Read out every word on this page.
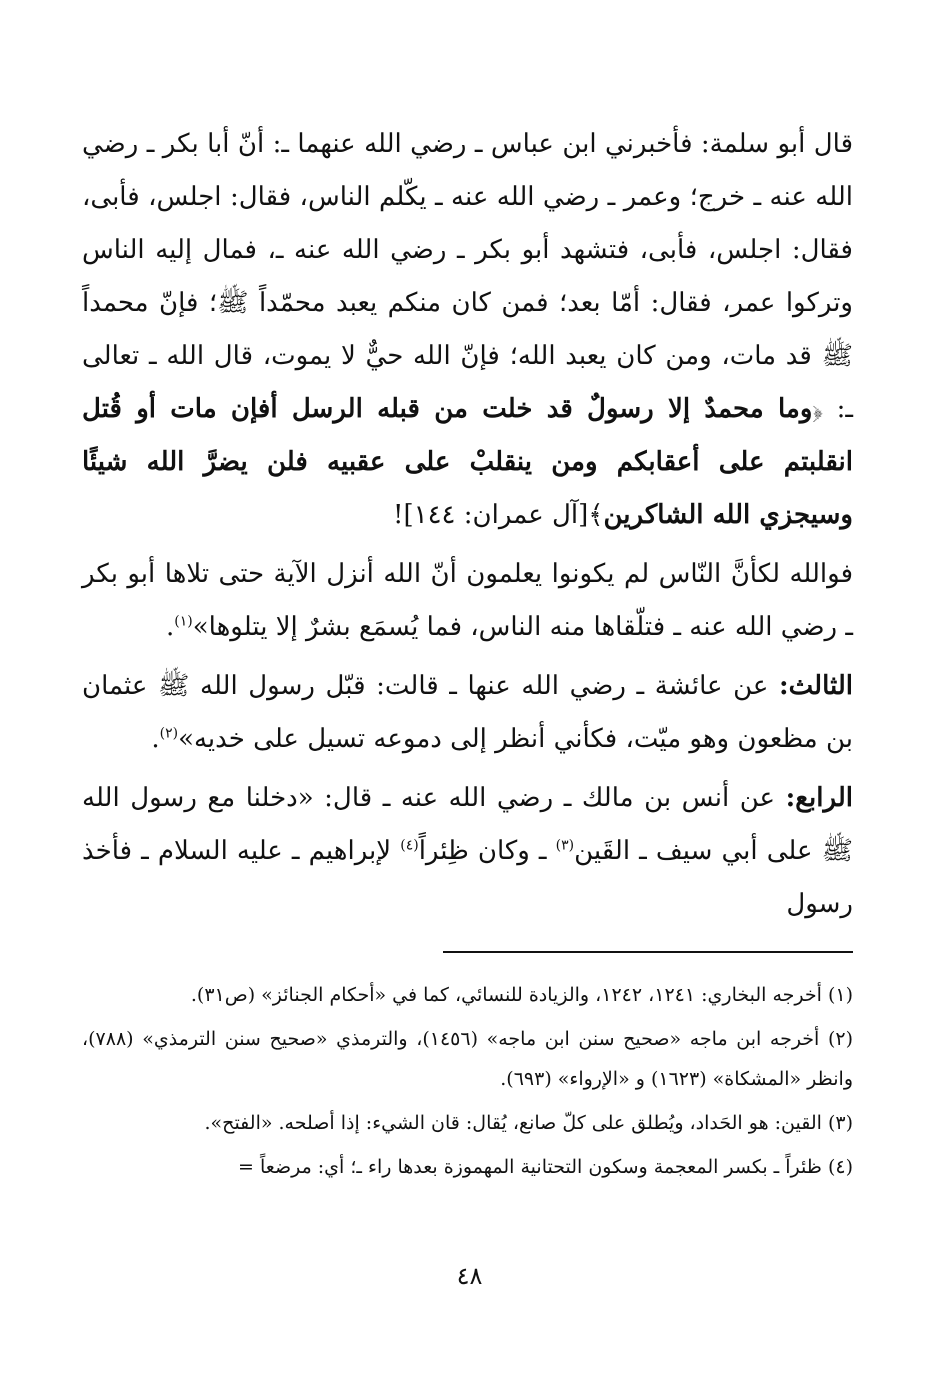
قال أبو سلمة: فأخبرني ابن عباس ـ رضي الله عنهما ـ: أنّ أبا بكر ـ رضي الله عنه ـ خرج؛ وعمر ـ رضي الله عنه ـ يكّلم الناس، فقال: اجلس، فأبى، فقال: اجلس، فأبى، فتشهد أبو بكر ـ رضي الله عنه ـ، فمال إليه الناس وتركوا عمر، فقال: أمّا بعد؛ فمن كان منكم يعبد محمّداً ﷺ؛ فإنّ محمداً ﷺ قد مات، ومن كان يعبد الله؛ فإنّ الله حيٌّ لا يموت، قال الله ـ تعالى ـ: ﴿وما محمدٌ إلا رسولٌ قد خلت من قبله الرسل أفإن مات أو قُتل انقلبتم على أعقابكم ومن ينقلبْ على عقبيه فلن يضرَّ الله شيئًا وسيجزي الله الشاكرين﴾[آل عمران: ١٤٤]!

فوالله لكأنَّ النّاس لم يكونوا يعلمون أنّ الله أنزل الآية حتى تلاها أبو بكر ـ رضي الله عنه ـ فتلّقاها منه الناس، فما يُسمَع بشرٌ إلا يتلوها»$^{(١)}$.

الثالث: عن عائشة ـ رضي الله عنها ـ قالت: قبّل رسول الله ﷺ عثمان بن مظعون وهو ميّت، فكأني أنظر إلى دموعه تسيل على خديه»$^{(٢)}$.

الرابع: عن أنس بن مالك ـ رضي الله عنه ـ قال: «دخلنا مع رسول الله ﷺ على أبي سيف ـ القَين$^{(٣)}$ ـ وكان ظِئراً$^{(٤)}$ لإبراهيم ـ عليه السلام ـ فأخذ رسول

(١) أخرجه البخاري: ١٢٤١، ١٢٤٢، والزيادة للنسائي، كما في «أحكام الجنائز» (ص٣١).

(٢) أخرجه ابن ماجه «صحيح سنن ابن ماجه» (١٤٥٦)، والترمذي «صحيح سنن الترمذي» (٧٨٨)، وانظر «المشكاة» (١٦٢٣) و «الإرواء» (٦٩٣).

(٣) القين: هو الحَداد، ويُطلق على كلّ صانع، يُقال: قان الشيء: إذا أصلحه. «الفتح».

(٤) ظئراً ـ بكسر المعجمة وسكون التحتانية المهموزة بعدها راء ـ؛ أي: مرضعاً =

٤٨
